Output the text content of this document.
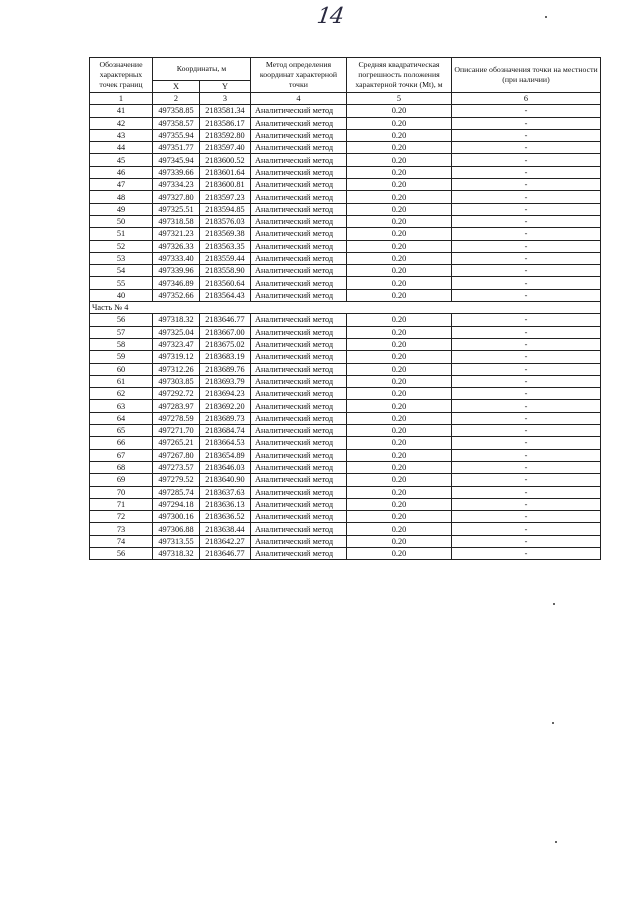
14
Обозначение характерных точек границ	Координаты, м		Метод определения координат характерной точки	Средняя квадратическая погрешность положения характерной точки (Mt), м	Описание обозначения точки на местности (при наличии)
	X	Y			
1	2	3	4	5	6
41	497358.85	2183581.34	Аналитический метод	0.20	-
42	497358.57	2183586.17	Аналитический метод	0.20	-
43	497355.94	2183592.80	Аналитический метод	0.20	-
44	497351.77	2183597.40	Аналитический метод	0.20	-
45	497345.94	2183600.52	Аналитический метод	0.20	-
46	497339.66	2183601.64	Аналитический метод	0.20	-
47	497334.23	2183600.81	Аналитический метод	0.20	-
48	497327.80	2183597.23	Аналитический метод	0.20	-
49	497325.51	2183594.85	Аналитический метод	0.20	-
50	497318.58	2183576.03	Аналитический метод	0.20	-
51	497321.23	2183569.38	Аналитический метод	0.20	-
52	497326.33	2183563.35	Аналитический метод	0.20	-
53	497333.40	2183559.44	Аналитический метод	0.20	-
54	497339.96	2183558.90	Аналитический метод	0.20	-
55	497346.89	2183560.64	Аналитический метод	0.20	-
40	497352.66	2183564.43	Аналитический метод	0.20	-
Часть № 4					
56	497318.32	2183646.77	Аналитический метод	0.20	-
57	497325.04	2183667.00	Аналитический метод	0.20	-
58	497323.47	2183675.02	Аналитический метод	0.20	-
59	497319.12	2183683.19	Аналитический метод	0.20	-
60	497312.26	2183689.76	Аналитический метод	0.20	-
61	497303.85	2183693.79	Аналитический метод	0.20	-
62	497292.72	2183694.23	Аналитический метод	0.20	-
63	497283.97	2183692.20	Аналитический метод	0.20	-
64	497278.59	2183689.73	Аналитический метод	0.20	-
65	497271.70	2183684.74	Аналитический метод	0.20	-
66	497265.21	2183664.53	Аналитический метод	0.20	-
67	497267.80	2183654.89	Аналитический метод	0.20	-
68	497273.57	2183646.03	Аналитический метод	0.20	-
69	497279.52	2183640.90	Аналитический метод	0.20	-
70	497285.74	2183637.63	Аналитический метод	0.20	-
71	497294.18	2183636.13	Аналитический метод	0.20	-
72	497300.16	2183636.52	Аналитический метод	0.20	-
73	497306.88	2183638.44	Аналитический метод	0.20	-
74	497313.55	2183642.27	Аналитический метод	0.20	-
56	497318.32	2183646.77	Аналитический метод	0.20	-
